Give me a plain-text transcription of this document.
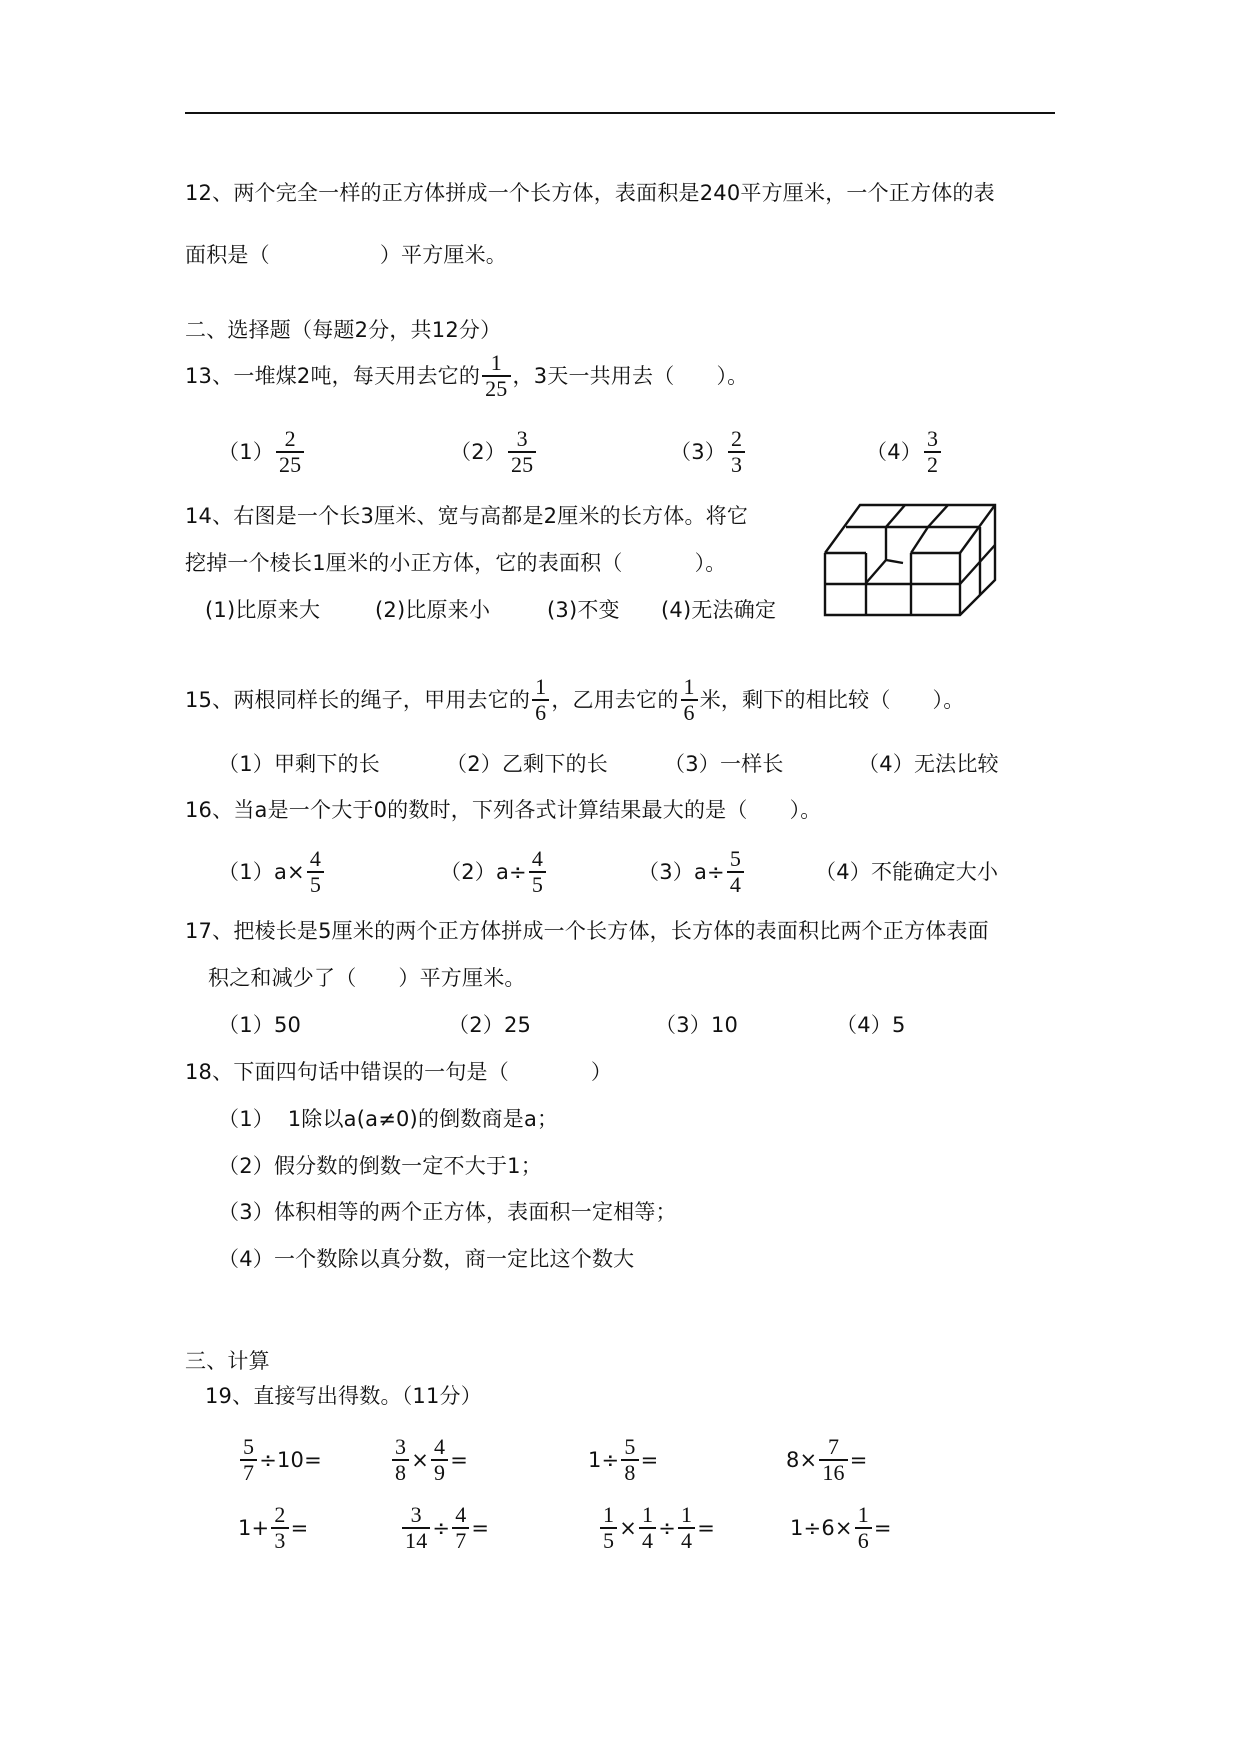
12、两个完全一样的正方体拼成一个长方体，表面积是240平方厘米，一个正方体的表
面积是（	）平方厘米。
二、选择题（每题2分，共12分）
13、一堆煤2吨，每天用去它的 $\frac{1}{25}$ ，3天一共用去（ ）。
$(1) \frac{2}{25}$	$(2) \frac{3}{25}$	$(3) \frac{2}{3}$	$(4) \frac{3}{2}$
14、右图是一个长3厘米、宽与高都是2厘米的长方体。将它
挖掉一个棱长1厘米的小正方体，它的表面积（	）。
(1)比原来大	(2)比原来小	(3)不变 (4)无法确定
15、两根同样长的绳子，甲用去它的 $\frac{1}{6}$ ，乙用去它的 $\frac{1}{6}$ 米，剩下的相比较（ ）。
（1）甲剩下的长	（2）乙剩下的长	（3）一样长	（4）无法比较
16、当a是一个大于0的数时，下列各式计算结果最大的是（ ）。
$(1)a\times \frac{4}{5}$	$(2)a\div \frac{4}{5}$	$(3)a\div \frac{5}{4}$	（4）不能确定大小
17、把棱长是5厘米的两个正方体拼成一个长方体，长方体的表面积比两个正方体表面
积之和减少了（ ）平方厘米。
（1）50	（2）25	（3）10	（4）5
18、下面四句话中错误的一句是（	）
（1）  1除以a(a≠0)的倒数商是a；
（2）假分数的倒数一定不大于1；
（3）体积相等的两个正方体，表面积一定相等；
（4）一个数除以真分数，商一定比这个数大
三、计算
19、直接写出得数。（11分）
$\frac{5}{7} \div 10=$	$\frac{3}{8} \times \frac{4}{9}$ =	$1\div \frac{5}{8}$ =	$8\times \frac{7}{16}$ =
$1+ \frac{2}{3}$ =	$\frac{3}{14} \div \frac{4}{7}$ =	$\frac{1}{5} \times \frac{1}{4} \div \frac{1}{4}$ =	$1\div 6\times \frac{1}{6}$ =
